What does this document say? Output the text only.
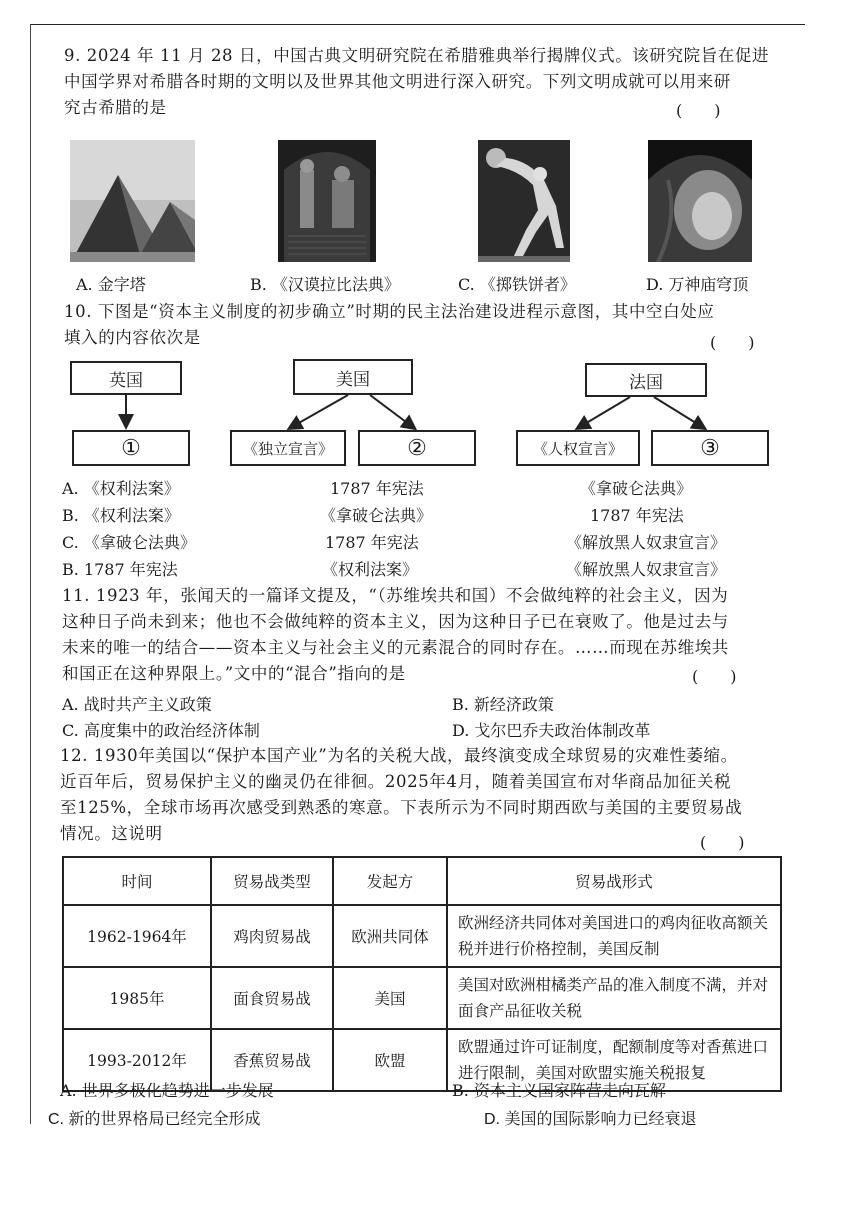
9. 2024 年 11 月 28 日，中国古典文明研究院在希腊雅典举行揭牌仪式。该研究院旨在促进
中国学界对希腊各时期的文明以及世界其他文明进行深入研究。下列文明成就可以用来研
究古希腊的是	(　　)
A. 金字塔	B. 《汉谟拉比法典》	C. 《掷铁饼者》	D. 万神庙穹顶
10. 下图是“资本主义制度的初步确立”时期的民主法治建设进程示意图，其中空白处应
填入的内容依次是	(　　)
英国	美国	法国
①	《独立宣言》	②	《人权宣言》	③
A. 《权利法案》	1787 年宪法	《拿破仑法典》
B. 《权利法案》	《拿破仑法典》	1787 年宪法
C. 《拿破仑法典》	1787 年宪法	《解放黑人奴隶宣言》
B. 1787 年宪法	《权利法案》	《解放黑人奴隶宣言》
11. 1923 年，张闻天的一篇译文提及，“（苏维埃共和国）不会做纯粹的社会主义，因为
这种日子尚未到来；他也不会做纯粹的资本主义，因为这种日子已在衰败了。他是过去与
未来的唯一的结合——资本主义与社会主义的元素混合的同时存在。……而现在苏维埃共
和国正在这种界限上。”文中的“混合”指向的是	(　　)
A. 战时共产主义政策	B. 新经济政策
C. 高度集中的政治经济体制	D. 戈尔巴乔夫政治体制改革
12. 1930年美国以“保护本国产业”为名的关税大战，最终演变成全球贸易的灾难性萎缩。
近百年后，贸易保护主义的幽灵仍在徘徊。2025年4月，随着美国宣布对华商品加征关税
至125%，全球市场再次感受到熟悉的寒意。下表所示为不同时期西欧与美国的主要贸易战
情况。这说明	(　　)
时间	贸易战类型	发起方	贸易战形式
1962-1964年	鸡肉贸易战	欧洲共同体	欧洲经济共同体对美国进口的鸡肉征收高额关税并进行价格控制，美国反制
1985年	面食贸易战	美国	美国对欧洲柑橘类产品的准入制度不满，并对面食产品征收关税
1993-2012年	香蕉贸易战	欧盟	欧盟通过许可证制度，配额制度等对香蕉进口进行限制，美国对欧盟实施关税报复
A. 世界多极化趋势进一步发展	B. 资本主义国家阵营走向瓦解
C. 新的世界格局已经完全形成	D. 美国的国际影响力已经衰退
